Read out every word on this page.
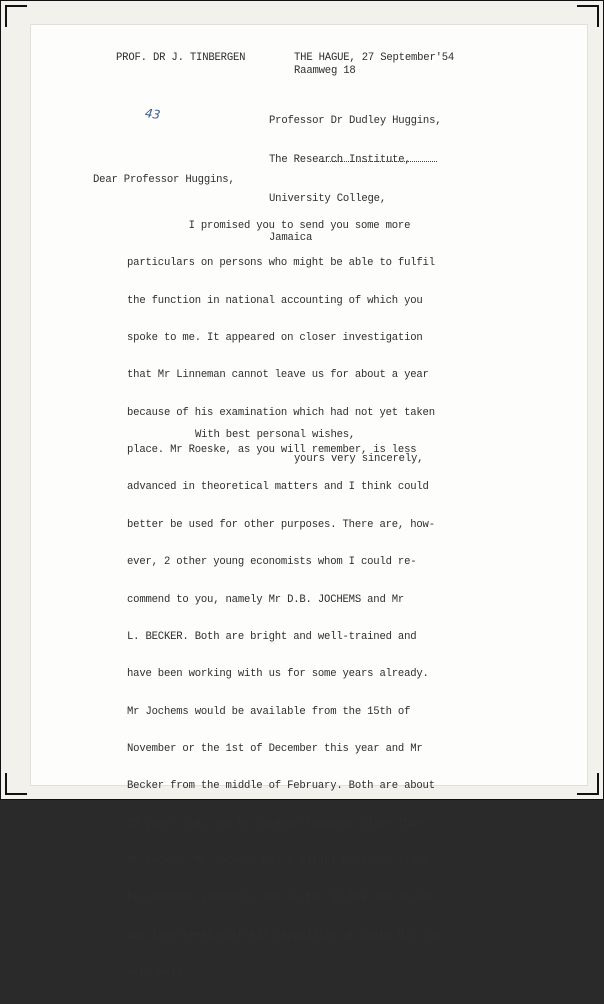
PROF. DR J. TINBERGEN	THE HAGUE, 27 September'54
Raamweg 18
43

	Professor Dr Dudley Huggins,

The Research Institute,

University College,

Jamaica

Dear Professor Huggins,

I promised you to send you some more

particulars on persons who might be able to fulfil

the function in national accounting of which you

spoke to me. It appeared on closer investigation

that Mr Linneman cannot leave us for about a year

because of his examination which had not yet taken

place. Mr Roeske, as you will remember, is less

advanced in theoretical matters and I think could

better be used for other purposes. There are, how-

ever, 2 other young economists whom I could re-

commend to you, namely Mr D.B. JOCHEMS and Mr

L. BECKER. Both are bright and well-trained and

have been working with us for some years already.

Mr Jochems would be available from the 15th of

November or the 1st of December this year and Mr

Becker from the middle of February. Both are about

25 years old, and Mr Jochems somewhat older than

Mr Becker. Mr Jochems has a slight handicap since

he somewhat stammers, but so far it has not in any

way interfered with his capability of doing his job

very well.

With best personal wishes,
yours very sincerely,
